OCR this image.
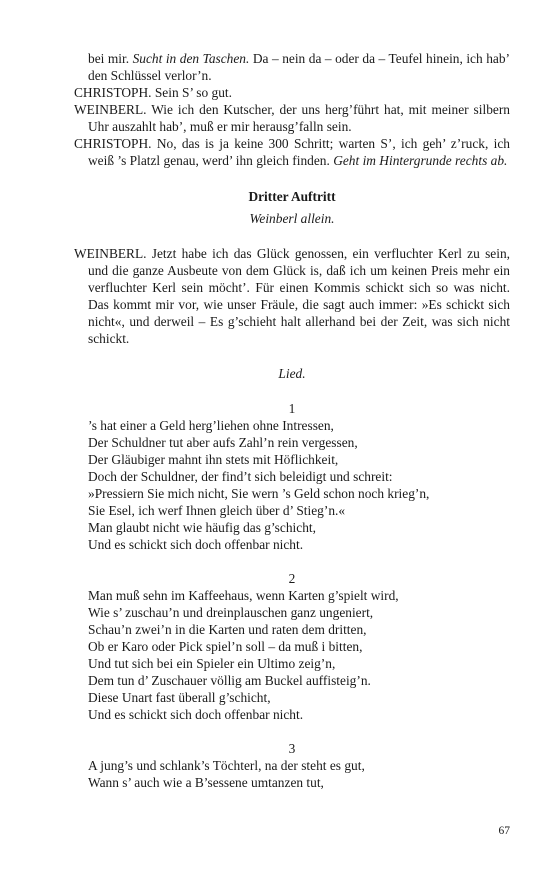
bei mir. Sucht in den Taschen. Da – nein da – oder da – Teufel hinein, ich hab’ den Schlüssel verlor’n.
CHRISTOPH. Sein S’ so gut.
WEINBERL. Wie ich den Kutscher, der uns herg’führt hat, mit meiner silbern Uhr auszahlt hab’, muß er mir herausg’falln sein.
CHRISTOPH. No, das is ja keine 300 Schritt; warten S’, ich geh’ z’ruck, ich weiß ’s Platzl genau, werd’ ihn gleich finden. Geht im Hintergrunde rechts ab.
Dritter Auftritt
Weinberl allein.
WEINBERL. Jetzt habe ich das Glück genossen, ein verfluchter Kerl zu sein, und die ganze Ausbeute von dem Glück is, daß ich um keinen Preis mehr ein verfluchter Kerl sein möcht’. Für einen Kommis schickt sich so was nicht. Das kommt mir vor, wie unser Fräule, die sagt auch immer: »Es schickt sich nicht«, und derweil – Es g’schieht halt allerhand bei der Zeit, was sich nicht schickt.
Lied.
1
’s hat einer a Geld herg’liehen ohne Intressen,
Der Schuldner tut aber aufs Zahl’n rein vergessen,
Der Gläubiger mahnt ihn stets mit Höflichkeit,
Doch der Schuldner, der find’t sich beleidigt und schreit:
»Pressiern Sie mich nicht, Sie wern ’s Geld schon noch krieg’n,
Sie Esel, ich werf Ihnen gleich über d’ Stieg’n.«
Man glaubt nicht wie häufig das g’schicht,
Und es schickt sich doch offenbar nicht.
2
Man muß sehn im Kaffeehaus, wenn Karten g’spielt wird,
Wie s’ zuschau’n und dreinplauschen ganz ungeniert,
Schau’n zwei’n in die Karten und raten dem dritten,
Ob er Karo oder Pick spiel’n soll – da muß i bitten,
Und tut sich bei ein Spieler ein Ultimo zeig’n,
Dem tun d’ Zuschauer völlig am Buckel auffisteig’n.
Diese Unart fast überall g’schicht,
Und es schickt sich doch offenbar nicht.
3
A jung’s und schlank’s Töchterl, na der steht es gut,
Wann s’ auch wie a B’sessene umtanzen tut,
67
